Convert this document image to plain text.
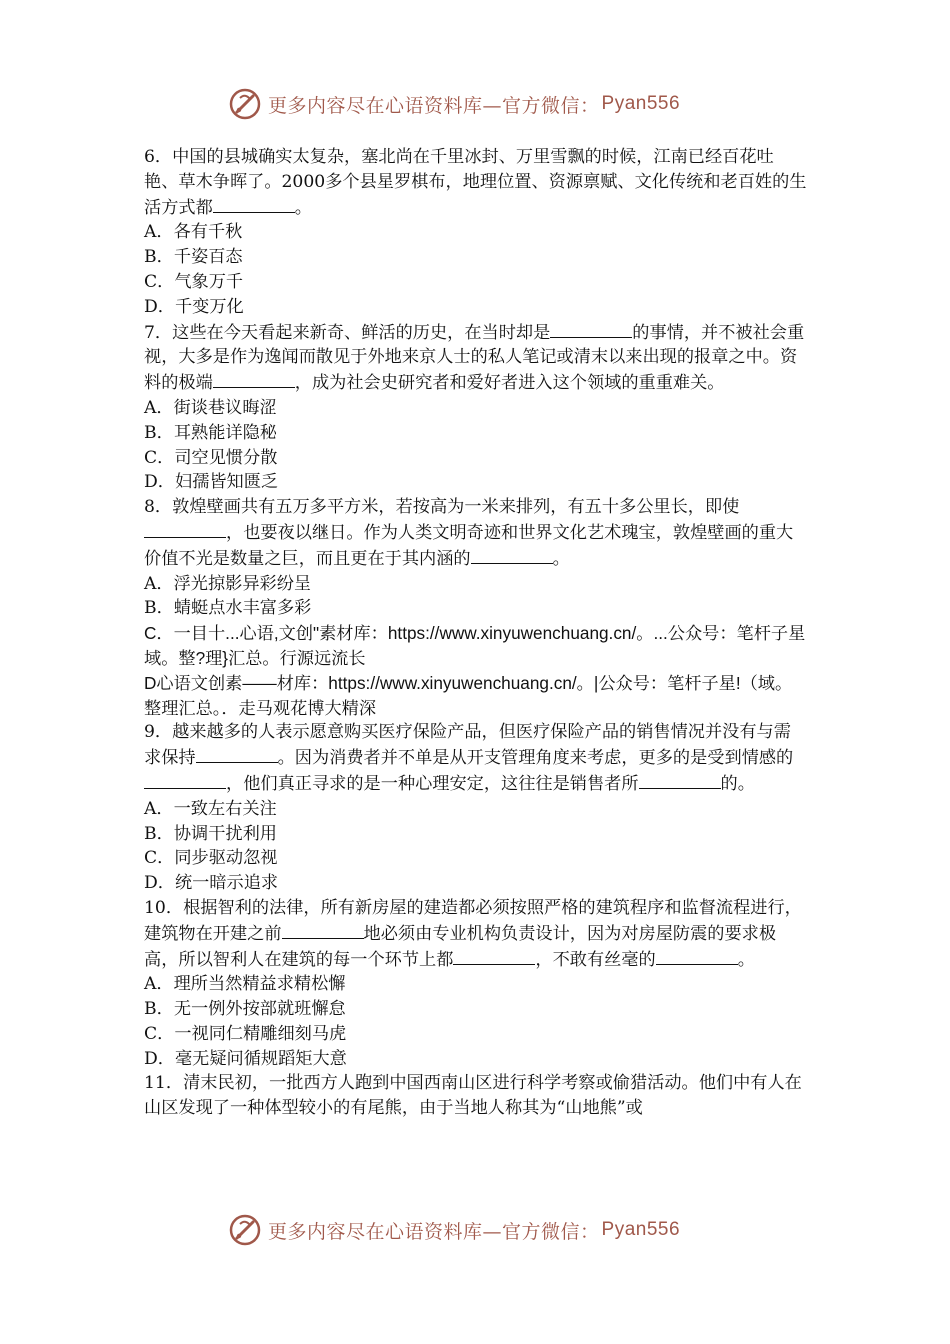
更多内容尽在心语资料库—官方微信： Pyan556

6．中国的县城确实太复杂，塞北尚在千里冰封、万里雪飘的时候，江南已经百花吐艳、草木争晖了。2000多个县星罗棋布，地理位置、资源禀赋、文化传统和老百姓的生活方式都	。

A．各有千秋

B．千姿百态

C．气象万千

D．千变万化

7．这些在今天看起来新奇、鲜活的历史，在当时却是	的事情，并不被社会重视，大多是作为逸闻而散见于外地来京人士的私人笔记或清末以来出现的报章之中。资料的极端	，成为社会史研究者和爱好者进入这个领域的重重难关。

A．街谈巷议晦涩

B．耳熟能详隐秘

C．司空见惯分散

D．妇孺皆知匮乏

8．敦煌壁画共有五万多平方米，若按高为一米来排列，有五十多公里长，即使，也要夜以继日。作为人类文明奇迹和世界文化艺术瑰宝，敦煌壁画的重大价值不光是数量之巨，而且更在于其内涵的	。

A．浮光掠影异彩纷呈

B．蜻蜓点水丰富多彩

C．一目十...心语,文创"素材库：https://www.xinyuwenchuang.cn/。...公众号：笔杆子星域。整?理}汇总。行源远流长

D心语文创素——材库：https://www.xinyuwenchuang.cn/。|公众号：笔杆子星!（域。整理汇总。．走马观花博大精深

9．越来越多的人表示愿意购买医疗保险产品，但医疗保险产品的销售情况并没有与需求保持	。因为消费者并不单是从开支管理角度来考虑，更多的是受到情感的，他们真正寻求的是一种心理安定，这往往是销售者所	的。

A．一致左右关注

B．协调干扰利用

C．同步驱动忽视

D．统一暗示追求

10．根据智利的法律，所有新房屋的建造都必须按照严格的建筑程序和监督流程进行，建筑物在开建之前	地必须由专业机构负责设计，因为对房屋防震的要求极高，所以智利人在建筑的每一个环节上都	，不敢有丝毫的	。

A．理所当然精益求精松懈

B．无一例外按部就班懈怠

C．一视同仁精雕细刻马虎

D．毫无疑问循规蹈矩大意

11．清末民初，一批西方人跑到中国西南山区进行科学考察或偷猎活动。他们中有人在山区发现了一种体型较小的有尾熊，由于当地人称其为“山地熊”或

更多内容尽在心语资料库—官方微信： Pyan556
